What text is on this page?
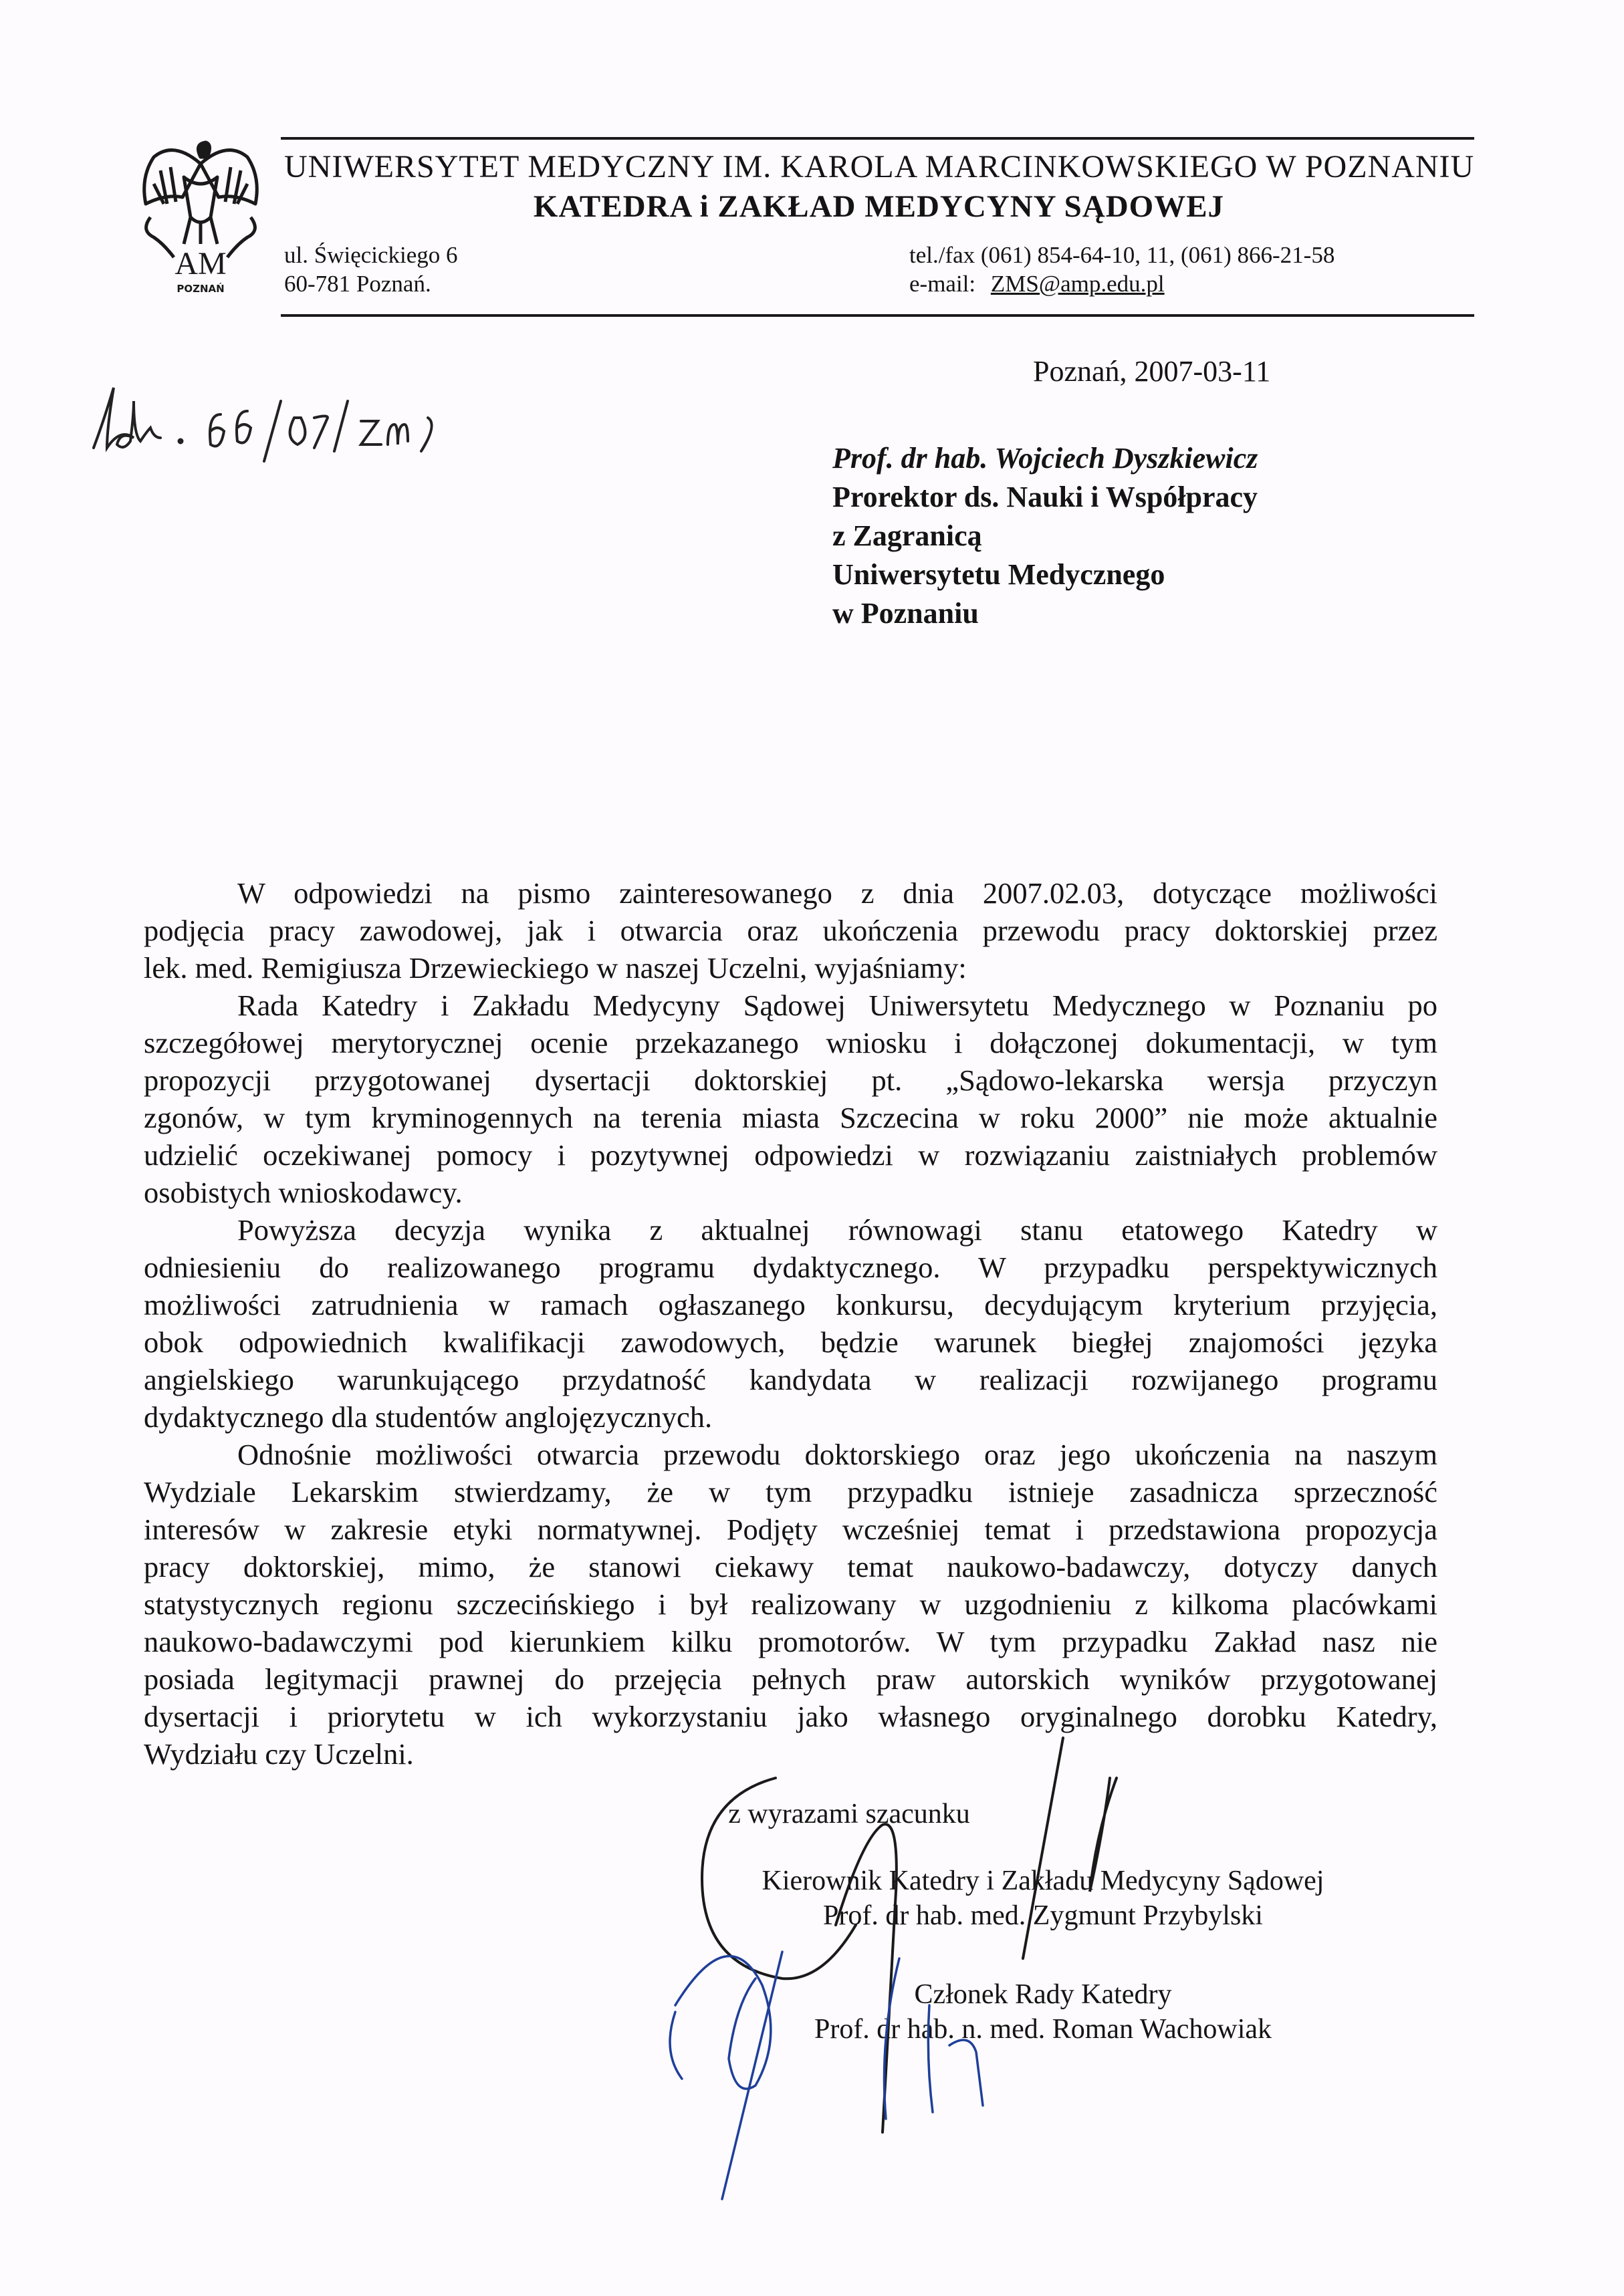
AM
POZNAŃ
UNIWERSYTET MEDYCZNY IM. KAROLA MARCINKOWSKIEGO W POZNANIU
KATEDRA i ZAKŁAD MEDYCYNY SĄDOWEJ
ul. Święcickiego 6
60-781 Poznań.
tel./fax (061) 854-64-10, 11, (061) 866-21-58
e-mail: ZMS@amp.edu.pl
Poznań, 2007-03-11
Prof. dr hab. Wojciech Dyszkiewicz
Prorektor ds. Nauki i Współpracy
z Zagranicą
Uniwersytetu Medycznego
w Poznaniu
W odpowiedzi na pismo zainteresowanego z dnia 2007.02.03, dotyczące możliwości
podjęcia pracy zawodowej, jak i otwarcia oraz ukończenia przewodu pracy doktorskiej przez
lek. med. Remigiusza Drzewieckiego w naszej Uczelni, wyjaśniamy:
Rada Katedry i Zakładu Medycyny Sądowej Uniwersytetu Medycznego w Poznaniu po
szczegółowej merytorycznej ocenie przekazanego wniosku i dołączonej dokumentacji, w tym
propozycji przygotowanej dysertacji doktorskiej pt. „Sądowo-lekarska wersja przyczyn
zgonów, w tym kryminogennych na terenia miasta Szczecina w roku 2000” nie może aktualnie
udzielić oczekiwanej pomocy i pozytywnej odpowiedzi w rozwiązaniu zaistniałych problemów
osobistych wnioskodawcy.
Powyższa decyzja wynika z aktualnej równowagi stanu etatowego Katedry w
odniesieniu do realizowanego programu dydaktycznego. W przypadku perspektywicznych
możliwości zatrudnienia w ramach ogłaszanego konkursu, decydującym kryterium przyjęcia,
obok odpowiednich kwalifikacji zawodowych, będzie warunek biegłej znajomości języka
angielskiego warunkującego przydatność kandydata w realizacji rozwijanego programu
dydaktycznego dla studentów anglojęzycznych.
Odnośnie możliwości otwarcia przewodu doktorskiego oraz jego ukończenia na naszym
Wydziale Lekarskim stwierdzamy, że w tym przypadku istnieje zasadnicza sprzeczność
interesów w zakresie etyki normatywnej. Podjęty wcześniej temat i przedstawiona propozycja
pracy doktorskiej, mimo, że stanowi ciekawy temat naukowo-badawczy, dotyczy danych
statystycznych regionu szczecińskiego i był realizowany w uzgodnieniu z kilkoma placówkami
naukowo-badawczymi pod kierunkiem kilku promotorów. W tym przypadku Zakład nasz nie
posiada legitymacji prawnej do przejęcia pełnych praw autorskich wyników przygotowanej
dysertacji i priorytetu w ich wykorzystaniu jako własnego oryginalnego dorobku Katedry,
Wydziału czy Uczelni.
z wyrazami szacunku
Kierownik Katedry i Zakładu Medycyny Sądowej
Prof. dr hab. med. Zygmunt Przybylski
Członek Rady Katedry
Prof. dr hab. n. med. Roman Wachowiak
